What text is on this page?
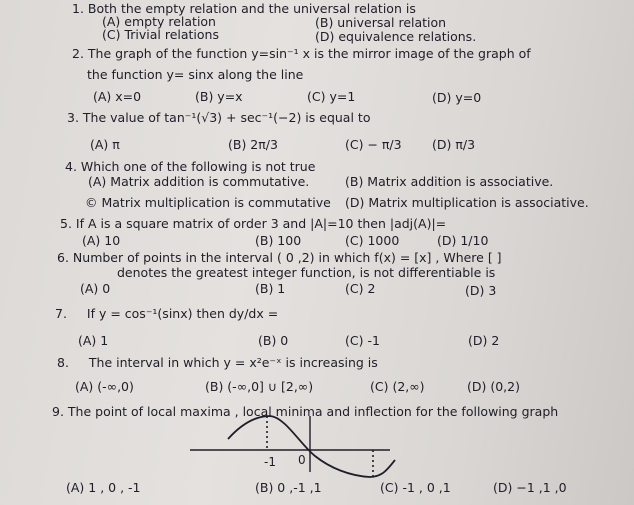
1. Both the empty relation and the universal relation is
(A) empty relation	(B) universal relation
(C) Trivial relations	(D) equivalence relations.
2. The graph of the function y=sin⁻¹ x is the mirror image of the graph of
the function y= sinx along the line
(A) x=0	(B) y=x	(C) y=1	(D) y=0
3. The value of tan⁻¹(√3) + sec⁻¹(−2) is equal to
(A) π	(B) 2π/3	(C) − π/3 (D) π/3
4. Which one of the following is not true
(A) Matrix addition is commutative.	(B) Matrix addition is associative.
© Matrix multiplication is commutative (D) Matrix multiplication is associative.
5. If A is a square matrix of order 3 and |A|=10 then |adj(A)|=
(A) 10	(B) 100	(C) 1000	(D) 1/10
6. Number of points in the interval ( 0 ,2) in which f(x) = [x] , Where [ ]
denotes the greatest integer function, is not differentiable is
(A) 0	(B) 1	(C) 2	(D) 3
7. If y = cos⁻¹(sinx) then dy/dx =
(A) 1	(B) 0	(C) -1	(D) 2
8. The interval in which y = x²e⁻ˣ is increasing is
(A) (-∞,0)	(B) (-∞,0] ∪ [2,∞)	(C) (2,∞)	(D) (0,2)
9. The point of local maxima , local minima and inflection for the following graph
-1 0
(A) 1 , 0 , -1	(B) 0 ,-1 ,1	(C) -1 , 0 ,1	(D) −1 ,1 ,0
